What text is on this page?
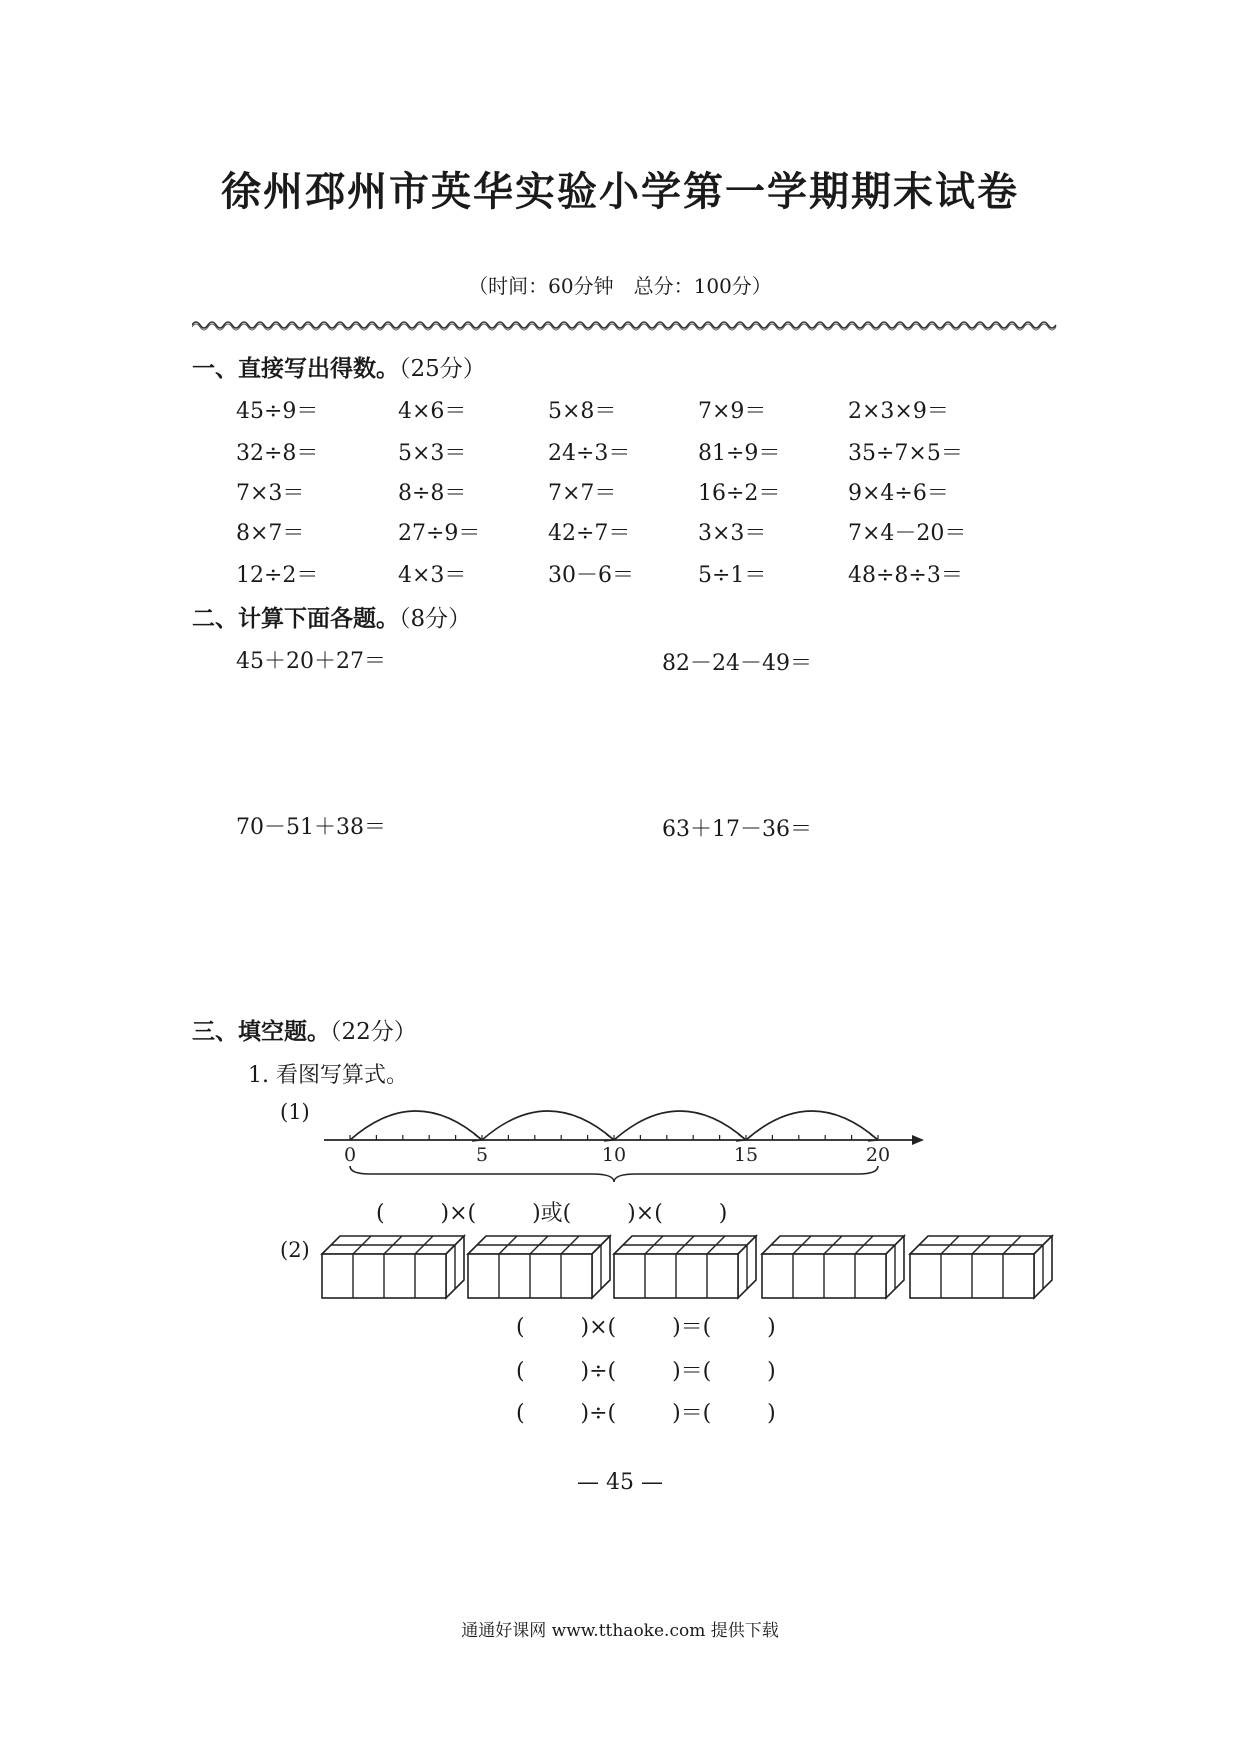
徐州邳州市英华实验小学第一学期期末试卷
（时间：60分钟　总分：100分）
一、直接写出得数。（25分）
45÷9＝	4×6＝	5×8＝	7×9＝	2×3×9＝
32÷8＝	5×3＝	24÷3＝	81÷9＝	35÷7×5＝
7×3＝	8÷8＝	7×7＝	16÷2＝	9×4÷6＝
8×7＝	27÷9＝	42÷7＝	3×3＝	7×4－20＝
12÷2＝	4×3＝	30－6＝	5÷1＝	48÷8÷3＝
二、计算下面各题。（8分）
45＋20＋27＝	82－24－49＝
70－51＋38＝	63＋17－36＝
三、填空题。（22分）
1. 看图写算式。
(1)
0	5	10	15	20
(        )×(        )或(        )×(        )
(2)
(        )×(        )＝(        )
(        )÷(        )＝(        )
(        )÷(        )＝(        )
— 45 —
通通好课网 www.tthaoke.com 提供下载
